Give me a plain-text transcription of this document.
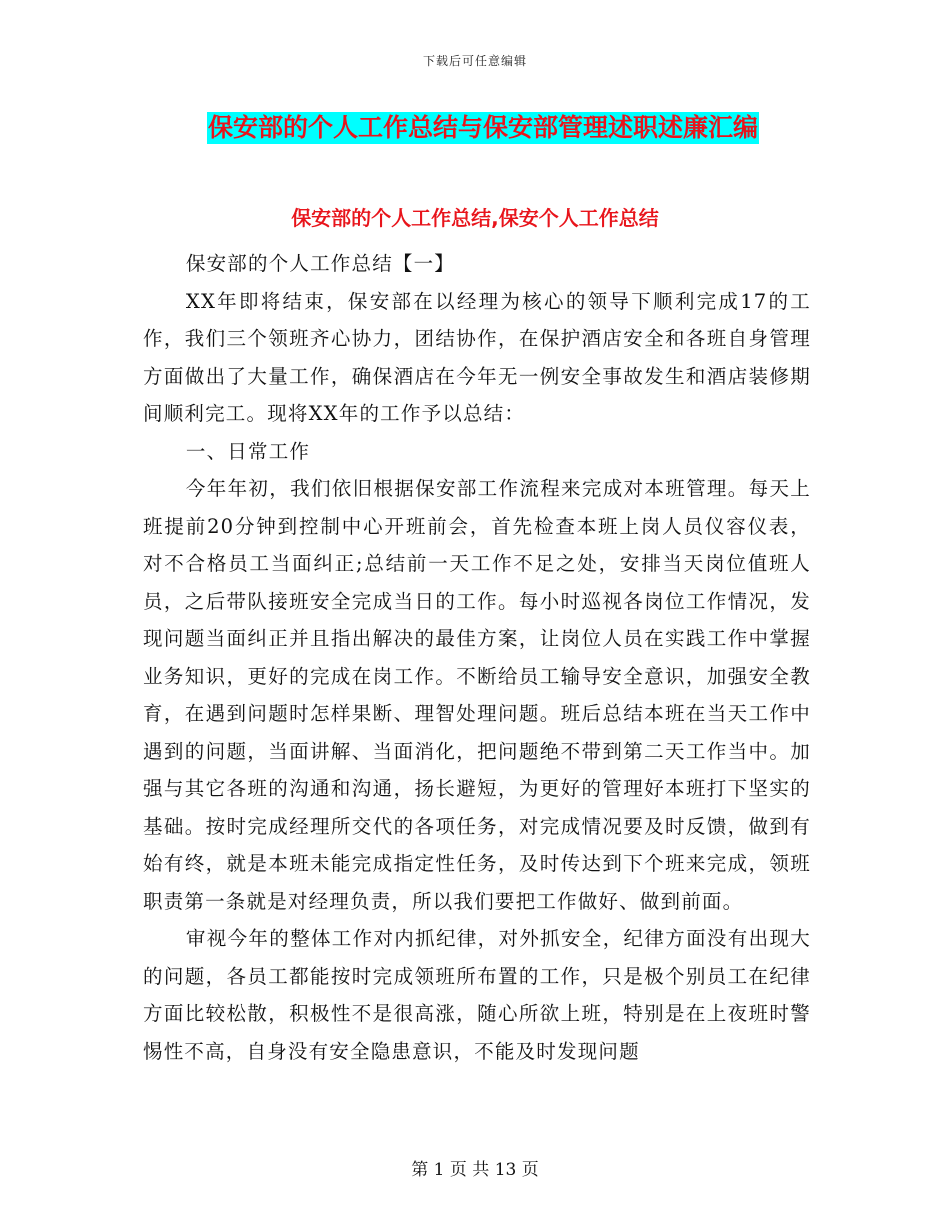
下载后可任意编辑
保安部的个人工作总结与保安部管理述职述廉汇编
保安部的个人工作总结,保安个人工作总结

保安部的个人工作总结【一】

XX年即将结束，保安部在以经理为核心的领导下顺利完成17的工作，我们三个领班齐心协力，团结协作，在保护酒店安全和各班自身管理方面做出了大量工作，确保酒店在今年无一例安全事故发生和酒店装修期间顺利完工。现将XX年的工作予以总结：

一、日常工作

今年年初，我们依旧根据保安部工作流程来完成对本班管理。每天上班提前20分钟到控制中心开班前会，首先检查本班上岗人员仪容仪表，对不合格员工当面纠正;总结前一天工作不足之处，安排当天岗位值班人员，之后带队接班安全完成当日的工作。每小时巡视各岗位工作情况，发现问题当面纠正并且指出解决的最佳方案，让岗位人员在实践工作中掌握业务知识，更好的完成在岗工作。不断给员工输导安全意识，加强安全教育，在遇到问题时怎样果断、理智处理问题。班后总结本班在当天工作中遇到的问题，当面讲解、当面消化，把问题绝不带到第二天工作当中。加强与其它各班的沟通和沟通，扬长避短，为更好的管理好本班打下坚实的基础。按时完成经理所交代的各项任务，对完成情况要及时反馈，做到有始有终，就是本班未能完成指定性任务，及时传达到下个班来完成，领班职责第一条就是对经理负责，所以我们要把工作做好、做到前面。

审视今年的整体工作对内抓纪律，对外抓安全，纪律方面没有出现大的问题，各员工都能按时完成领班所布置的工作，只是极个别员工在纪律方面比较松散，积极性不是很高涨，随心所欲上班，特别是在上夜班时警惕性不高，自身没有安全隐患意识，不能及时发现问题

第 1 页 共 13 页
